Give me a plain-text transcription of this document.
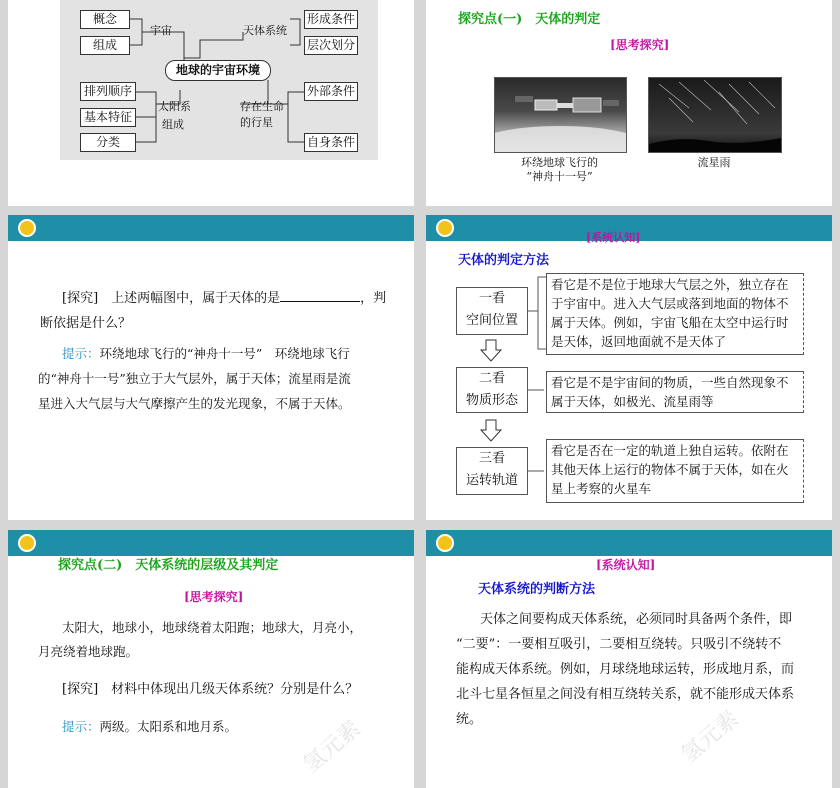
概念
组成
宇宙
地球的宇宙环境
排列顺序
基本特征
分类
太阳系
组成
天体系统
形成条件
层次划分
存在生命
的行星
外部条件
自身条件
探究点(一)　天体的判定
[思考探究]
环绕地球飞行的
“神舟十一号”
流星雨
[探究]　上述两幅图中，属于天体的是	，判
断依据是什么？
提示：环绕地球飞行的“神舟十一号”　环绕地球飞行
的“神舟十一号”独立于大气层外，属于天体；流星雨是流
星进入大气层与大气摩擦产生的发光现象，不属于天体。
[系统认知]
天体的判定方法
一看
空间位置
看它是不是位于地球大气层之外，独立存在于宇宙中。进入大气层或落到地面的物体不属于天体。例如，宇宙飞船在太空中运行时是天体，返回地面就不是天体了
二看
物质形态
看它是不是宇宙间的物质，一些自然现象不属于天体，如极光、流星雨等
三看
运转轨道
看它是否在一定的轨道上独自运转。依附在其他天体上运行的物体不属于天体，如在火星上考察的火星车
探究点(二)　天体系统的层级及其判定
[思考探究]
太阳大，地球小，地球绕着太阳跑；地球大，月亮小，
月亮绕着地球跑。
[探究]　材料中体现出几级天体系统？分别是什么？
提示：两级。太阳系和地月系。	氢元素
[系统认知]
天体系统的判断方法
天体之间要构成天体系统，必须同时具备两个条件，即
“二要”：一要相互吸引，二要相互绕转。只吸引不绕转不
能构成天体系统。例如，月球绕地球运转，形成地月系，而
北斗七星各恒星之间没有相互绕转关系，就不能形成天体系
统。	氢元素
